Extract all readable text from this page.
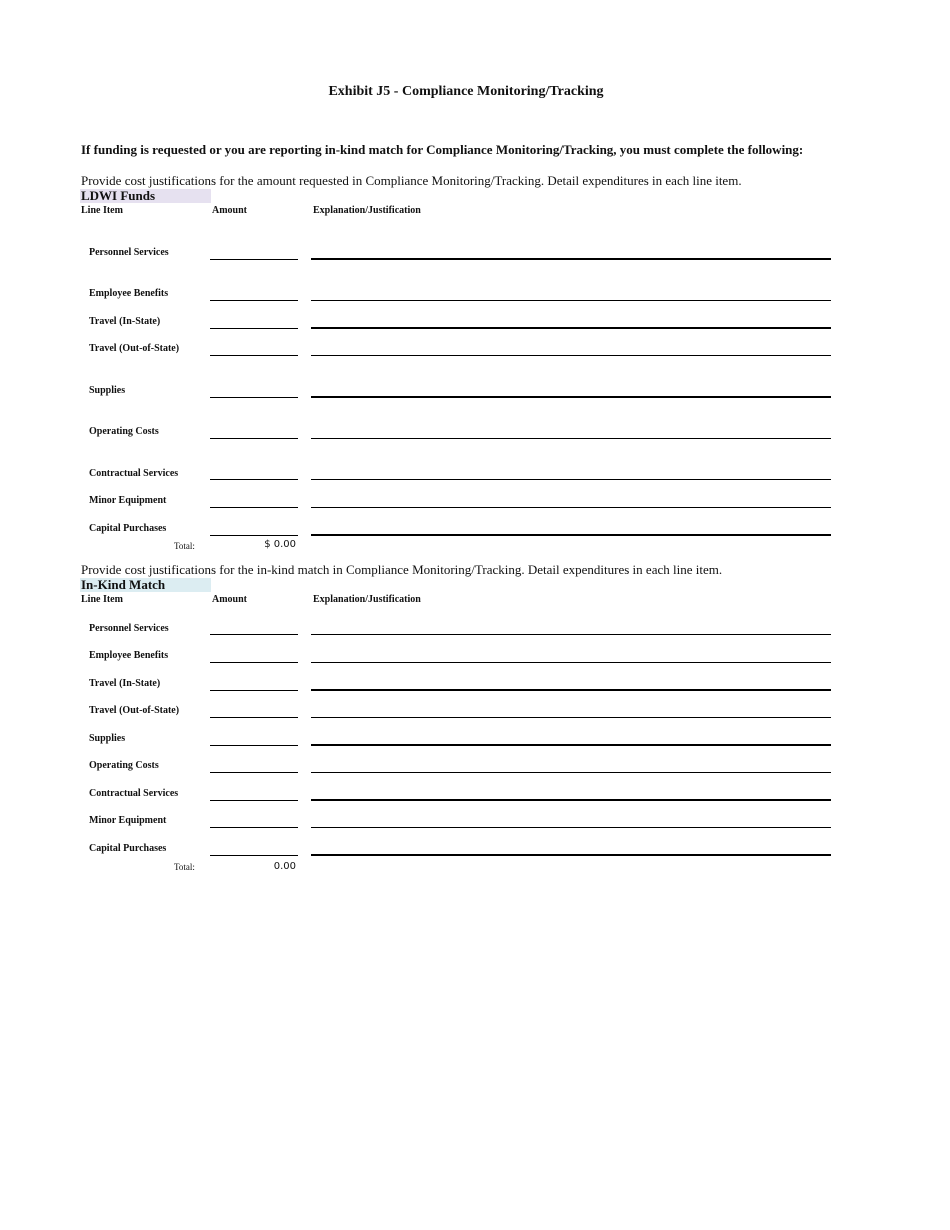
Exhibit J5 - Compliance Monitoring/Tracking
If funding is requested or you are reporting in-kind match for Compliance Monitoring/Tracking, you must complete the following:
Provide cost justifications for the amount requested in Compliance Monitoring/Tracking. Detail expenditures in each line item.
LDWI Funds
Line Item	Amount	Explanation/Justification
Personnel Services
Employee Benefits
Travel (In-State)
Travel (Out-of-State)
Supplies
Operating Costs
Contractual Services
Minor Equipment
Capital Purchases
Total:	$ 0.00
Provide cost justifications for the in-kind match in Compliance Monitoring/Tracking. Detail expenditures in each line item.
In-Kind Match
Line Item	Amount	Explanation/Justification
Personnel Services
Employee Benefits
Travel (In-State)
Travel (Out-of-State)
Supplies
Operating Costs
Contractual Services
Minor Equipment
Capital Purchases
Total:	0.00
